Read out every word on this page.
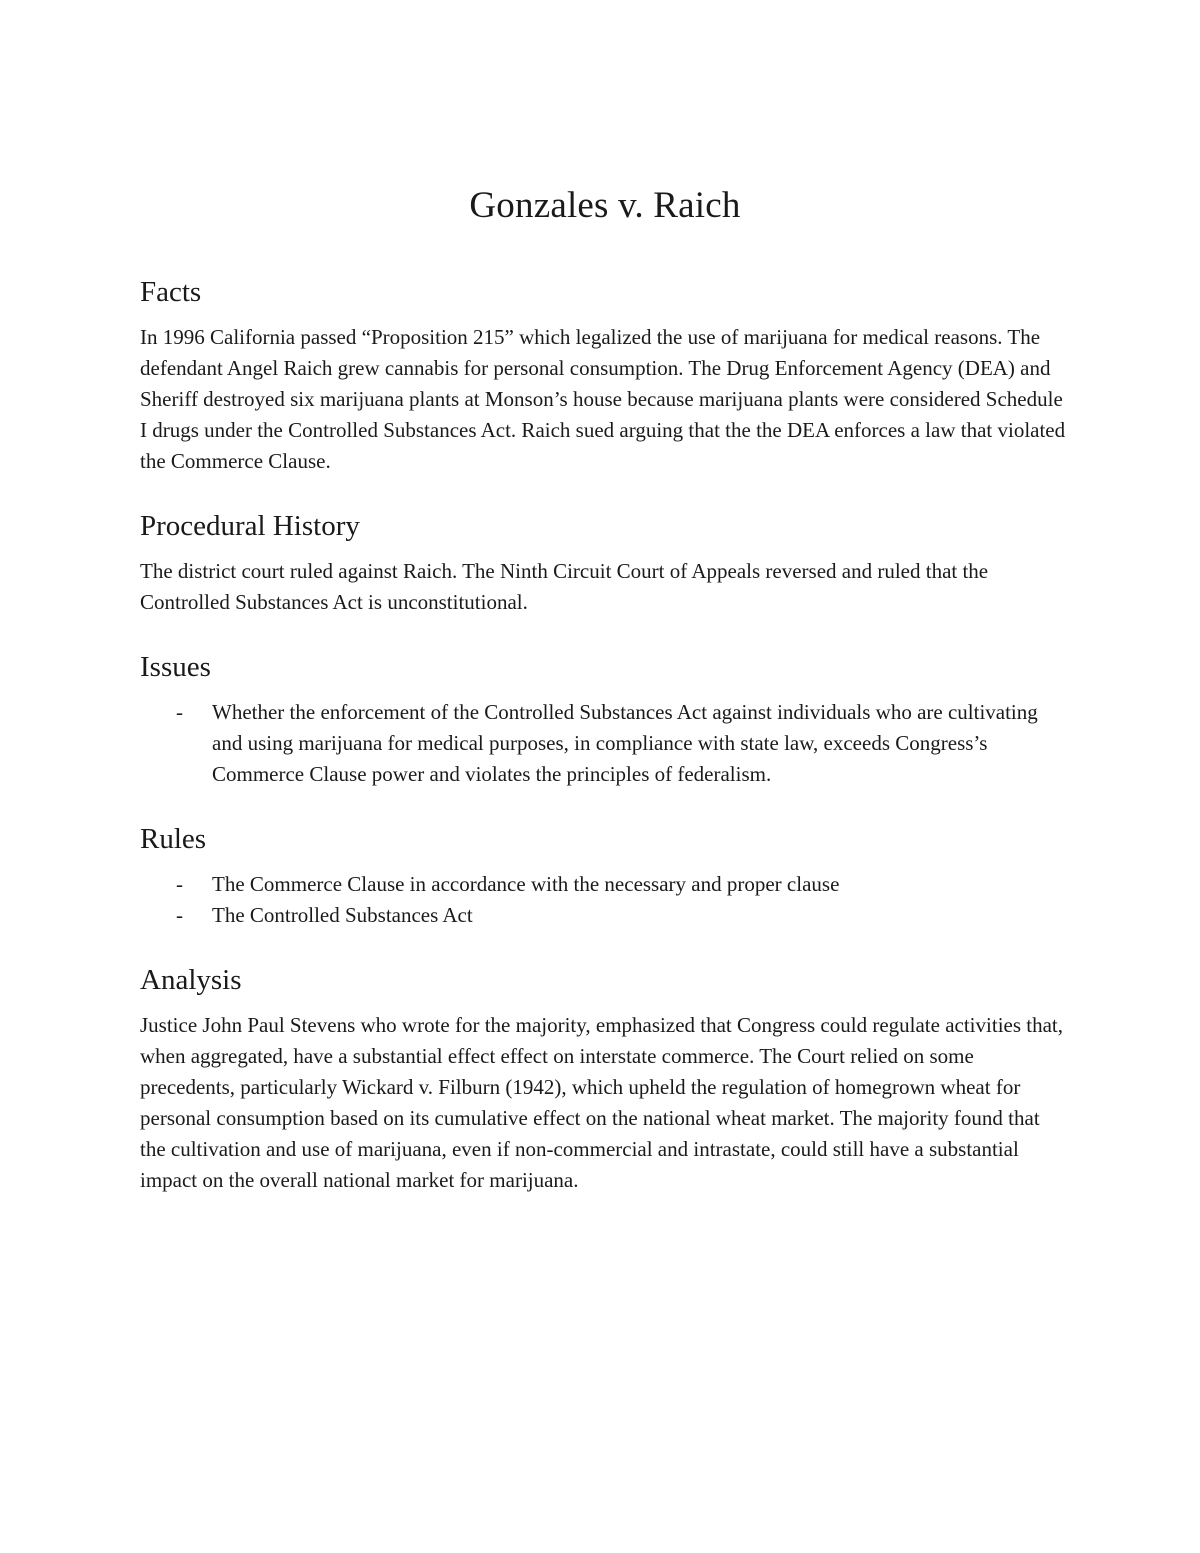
Gonzales v. Raich
Facts

In 1996 California passed “Proposition 215” which legalized the use of marijuana for medical reasons. The defendant Angel Raich grew cannabis for personal consumption. The Drug Enforcement Agency (DEA) and Sheriff destroyed six marijuana plants at Monson’s house because marijuana plants were considered Schedule I drugs under the Controlled Substances Act. Raich sued arguing that the the DEA enforces a law that violated the Commerce Clause.

Procedural History

The district court ruled against Raich. The Ninth Circuit Court of Appeals reversed and ruled that the Controlled Substances Act is unconstitutional.

Issues
- Whether the enforcement of the Controlled Substances Act against individuals who are cultivating and using marijuana for medical purposes, in compliance with state law, exceeds Congress’s Commerce Clause power and violates the principles of federalism.
Rules
- The Commerce Clause in accordance with the necessary and proper clause
- The Controlled Substances Act
Analysis

Justice John Paul Stevens who wrote for the majority, emphasized that Congress could regulate activities that, when aggregated, have a substantial effect effect on interstate commerce. The Court relied on some precedents, particularly Wickard v. Filburn (1942), which upheld the regulation of homegrown wheat for personal consumption based on its cumulative effect on the national wheat market. The majority found that the cultivation and use of marijuana, even if non-commercial and intrastate, could still have a substantial impact on the overall national market for marijuana.
